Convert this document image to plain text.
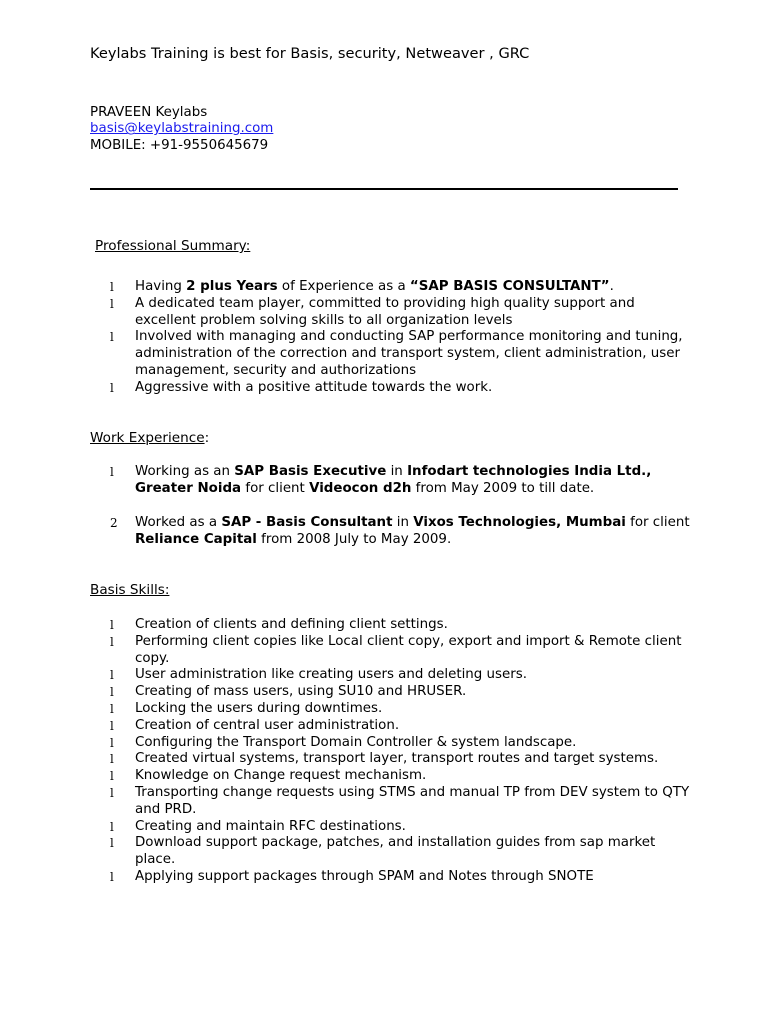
Keylabs Training is best for Basis, security, Netweaver , GRC
PRAVEEN Keylabs
basis@keylabstraining.com
MOBILE: +91-9550645679
Professional Summary:
l	Having 2 plus Years of Experience as a “SAP BASIS CONSULTANT”.
l	A dedicated team player, committed to providing high quality support and excellent problem solving skills to all organization levels
l	Involved with managing and conducting SAP performance monitoring and tuning, administration of the correction and transport system, client administration, user management, security and authorizations
l	Aggressive with a positive attitude towards the work.
Work Experience:
l	Working as an SAP Basis Executive in Infodart technologies India Ltd., Greater Noida for client Videocon d2h from May 2009 to till date.
2	Worked as a SAP - Basis Consultant in Vixos Technologies, Mumbai for client Reliance Capital from 2008 July to May 2009.
Basis Skills:
l	Creation of clients and defining client settings.
l	Performing client copies like Local client copy, export and import & Remote client copy.
l	User administration like creating users and deleting users.
l	Creating of mass users, using SU10 and HRUSER.
l	Locking the users during downtimes.
l	Creation of central user administration.
l	Configuring the Transport Domain Controller & system landscape.
l	Created virtual systems, transport layer, transport routes and target systems.
l	Knowledge on Change request mechanism.
l	Transporting change requests using STMS and manual TP from DEV system to QTY and PRD.
l	Creating and maintain RFC destinations.
l	Download support package, patches, and installation guides from sap market place.
l	Applying support packages through SPAM and Notes through SNOTE
